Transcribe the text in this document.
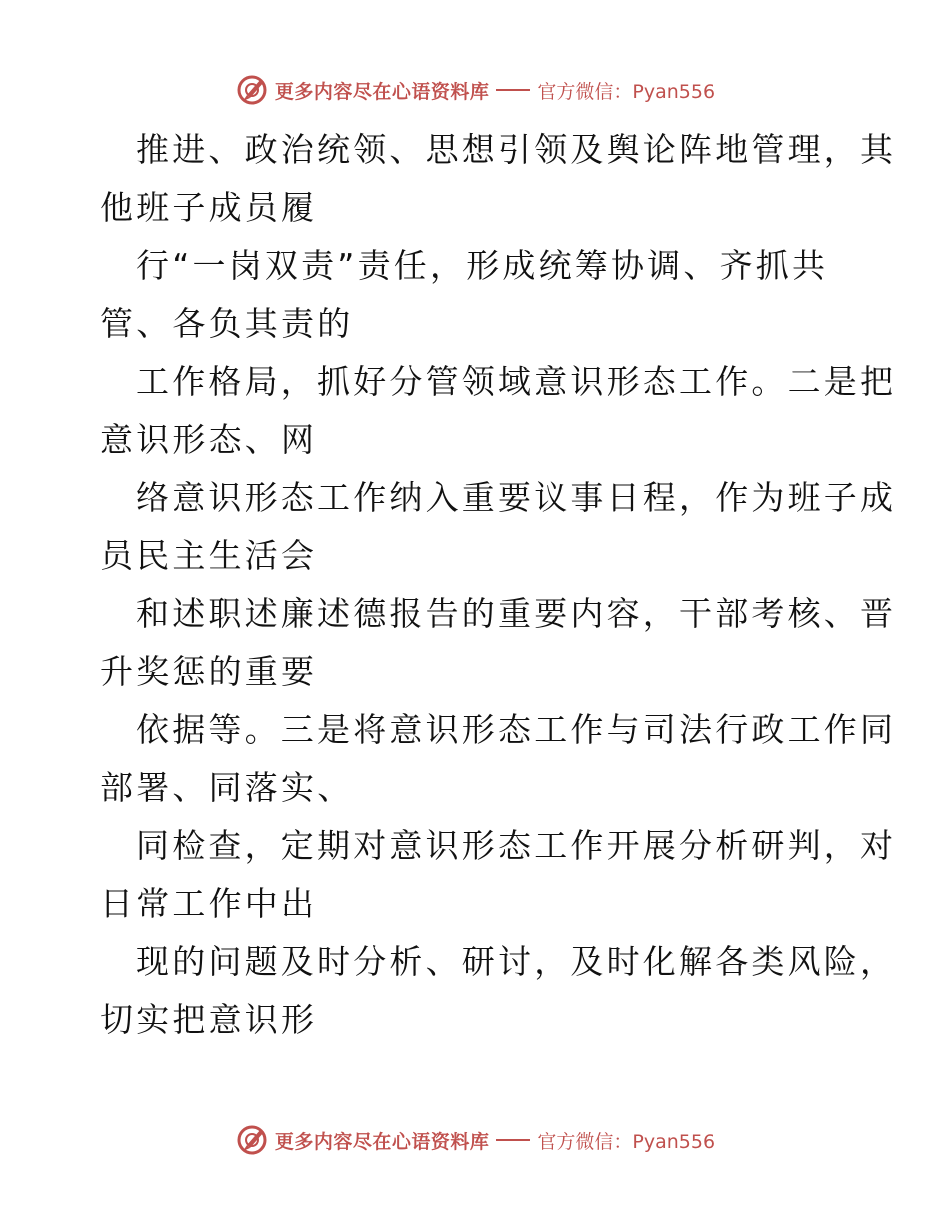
更多内容尽在心语资料库	官方微信：Pyan556
推进、政治统领、思想引领及舆论阵地管理，其
他班子成员履
行“一岗双责”责任，形成统筹协调、齐抓共
管、各负其责的
工作格局，抓好分管领域意识形态工作。二是把
意识形态、网
络意识形态工作纳入重要议事日程，作为班子成
员民主生活会
和述职述廉述德报告的重要内容，干部考核、晋
升奖惩的重要
依据等。三是将意识形态工作与司法行政工作同
部署、同落实、
同检查，定期对意识形态工作开展分析研判，对
日常工作中出
现的问题及时分析、研讨，及时化解各类风险，
切实把意识形
更多内容尽在心语资料库	官方微信：Pyan556
